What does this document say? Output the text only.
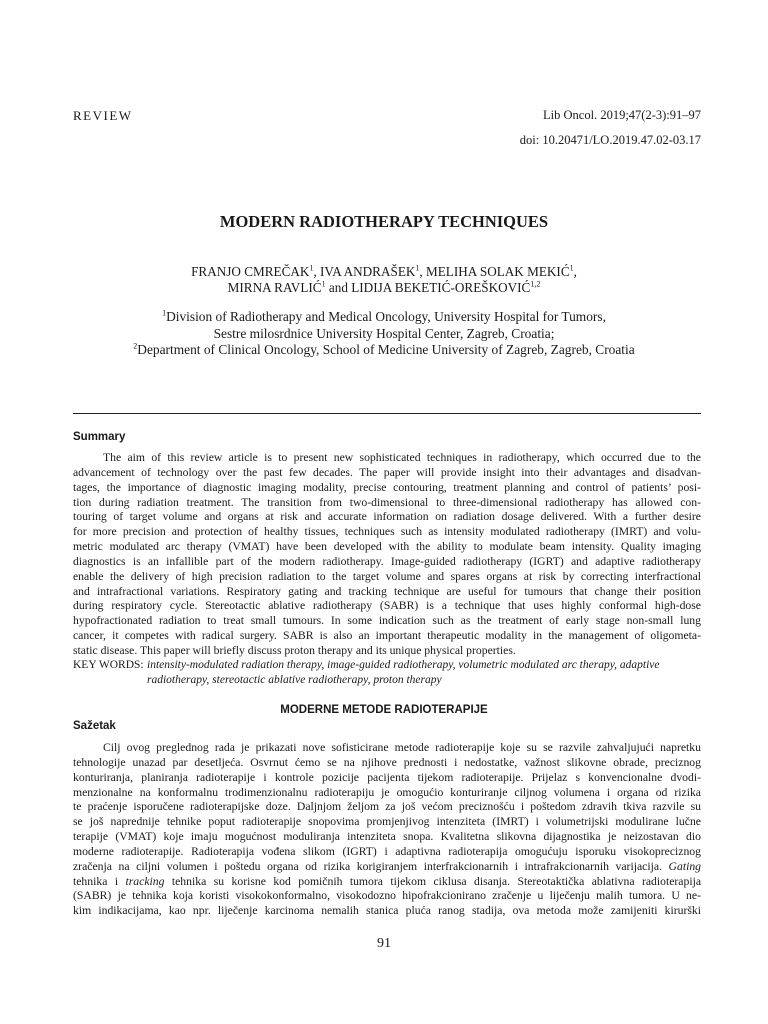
REVIEW	Lib Oncol. 2019;47(2-3):91–97
doi: 10.20471/LO.2019.47.02-03.17
MODERN RADIOTHERAPY TECHNIQUES
FRANJO CMREČAK$^1$, IVA ANDRAŠEK$^1$, MELIHA SOLAK MEKIĆ$^1$,
MIRNA RAVLIĆ$^1$ and LIDIJA BEKETIĆ-OREŠKOVIĆ$^{1,2}$
$^1$Division of Radiotherapy and Medical Oncology, University Hospital for Tumors,
Sestre milosrdnice University Hospital Center, Zagreb, Croatia;
$^2$Department of Clinical Oncology, School of Medicine University of Zagreb, Zagreb, Croatia
Summary
The aim of this review article is to present new sophisticated techniques in radiotherapy, which occurred due to the
advancement of technology over the past few decades. The paper will provide insight into their advantages and disadvan-
tages, the importance of diagnostic imaging modality, precise contouring, treatment planning and control of patients’ posi-
tion during radiation treatment. The transition from two-dimensional to three-dimensional radiotherapy has allowed con-
touring of target volume and organs at risk and accurate information on radiation dosage delivered. With a further desire
for more precision and protection of healthy tissues, techniques such as intensity modulated radiotherapy (IMRT) and volu-
metric modulated arc therapy (VMAT) have been developed with the ability to modulate beam intensity. Quality imaging
diagnostics is an infallible part of the modern radiotherapy. Image-guided radiotherapy (IGRT) and adaptive radiotherapy
enable the delivery of high precision radiation to the target volume and spares organs at risk by correcting interfractional
and intrafractional variations. Respiratory gating and tracking technique are useful for tumours that change their position
during respiratory cycle. Stereotactic ablative radiotherapy (SABR) is a technique that uses highly conformal high-dose
hypofractionated radiation to treat small tumours. In some indication such as the treatment of early stage non-small lung
cancer, it competes with radical surgery. SABR is also an important therapeutic modality in the management of oligometa-
static disease. This paper will briefly discuss proton therapy and its unique physical properties.
KEY WORDS: intensity-modulated radiation therapy, image-guided radiotherapy, volumetric modulated arc therapy, adaptive
radiotherapy, stereotactic ablative radiotherapy, proton therapy
MODERNE METODE RADIOTERAPIJE
Sažetak
Cilj ovog preglednog rada je prikazati nove sofisticirane metode radioterapije koje su se razvile zahvaljujući napretku
tehnologije unazad par desetljeća. Osvrnut ćemo se na njihove prednosti i nedostatke, važnost slikovne obrade, preciznog
konturiranja, planiranja radioterapije i kontrole pozicije pacijenta tijekom radioterapije. Prijelaz s konvencionalne dvodi-
menzionalne na konformalnu trodimenzionalnu radioterapiju je omogućio konturiranje ciljnog volumena i organa od rizika
te praćenje isporučene radioterapijske doze. Daljnjom željom za još većom preciznošću i poštedom zdravih tkiva razvile su
se još naprednije tehnike poput radioterapije snopovima promjenjivog intenziteta (IMRT) i volumetrijski modulirane lučne
terapije (VMAT) koje imaju mogućnost moduliranja intenziteta snopa. Kvalitetna slikovna dijagnostika je neizostavan dio
moderne radioterapije. Radioterapija vođena slikom (IGRT) i adaptivna radioterapija omogućuju isporuku visokopreciznog
zračenja na ciljni volumen i poštedu organa od rizika korigiranjem interfrakcionarnih i intrafrakcionarnih varijacija. Gating
tehnika i tracking tehnika su korisne kod pomičnih tumora tijekom ciklusa disanja. Stereotaktička ablativna radioterapija
(SABR) je tehnika koja koristi visokokonformalno, visokodozno hipofrakcionirano zračenje u liječenju malih tumora. U ne-
kim indikacijama, kao npr. liječenje karcinoma nemalih stanica pluća ranog stadija, ova metoda može zamijeniti kirurški
91
